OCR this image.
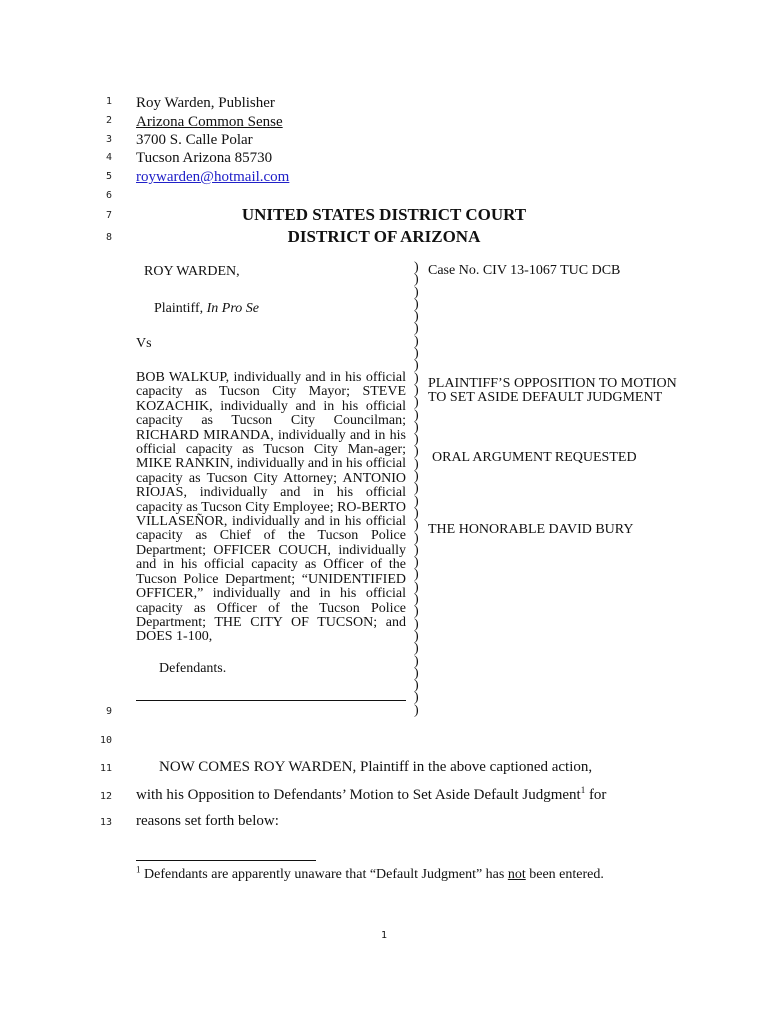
1
2
3
4
5
6
7
8
9
10
11
12
13
Roy Warden, Publisher
Arizona Common Sense
3700 S. Calle Polar
Tucson Arizona 85730
roywarden@hotmail.com
UNITED STATES DISTRICT COURT
DISTRICT OF ARIZONA
ROY WARDEN,
Plaintiff, In Pro Se
Vs
BOB WALKUP, individually and in his official capacity as Tucson City Mayor; STEVE KOZACHIK, individually and in his official capacity as Tucson City Councilman; RICHARD MIRANDA, individually and in his official capacity as Tucson City Man-ager; MIKE RANKIN, individually and in his official capacity as Tucson City Attorney; ANTONIO RIOJAS, individually and in his official capacity as Tucson City Employee; RO-BERTO VILLASEÑOR, individually and in his official capacity as Chief of the Tucson Police Department; OFFICER COUCH, individually and in his official capacity as Officer of the Tucson Police Department; “UNIDENTIFIED OFFICER,” individually and in his official capacity as Officer of the Tucson Police Department; THE CITY OF TUCSON; and DOES 1-100,
Defendants.
)
)
)
)
)
)
)
)
)
)
)
)
)
)
)
)
)
)
)
)
)
)
)
)
)
)
)
)
)
)
)
)
)
)
)
)
)
Case No. CIV 13-1067 TUC DCB
PLAINTIFF’S OPPOSITION TO MOTION
TO SET ASIDE DEFAULT JUDGMENT
ORAL ARGUMENT REQUESTED
THE HONORABLE DAVID BURY
NOW COMES ROY WARDEN, Plaintiff in the above captioned action,
with his Opposition to Defendants’ Motion to Set Aside Default Judgment$^1$ for
reasons set forth below:
$^1$ Defendants are apparently unaware that “Default Judgment” has not been entered.
1
